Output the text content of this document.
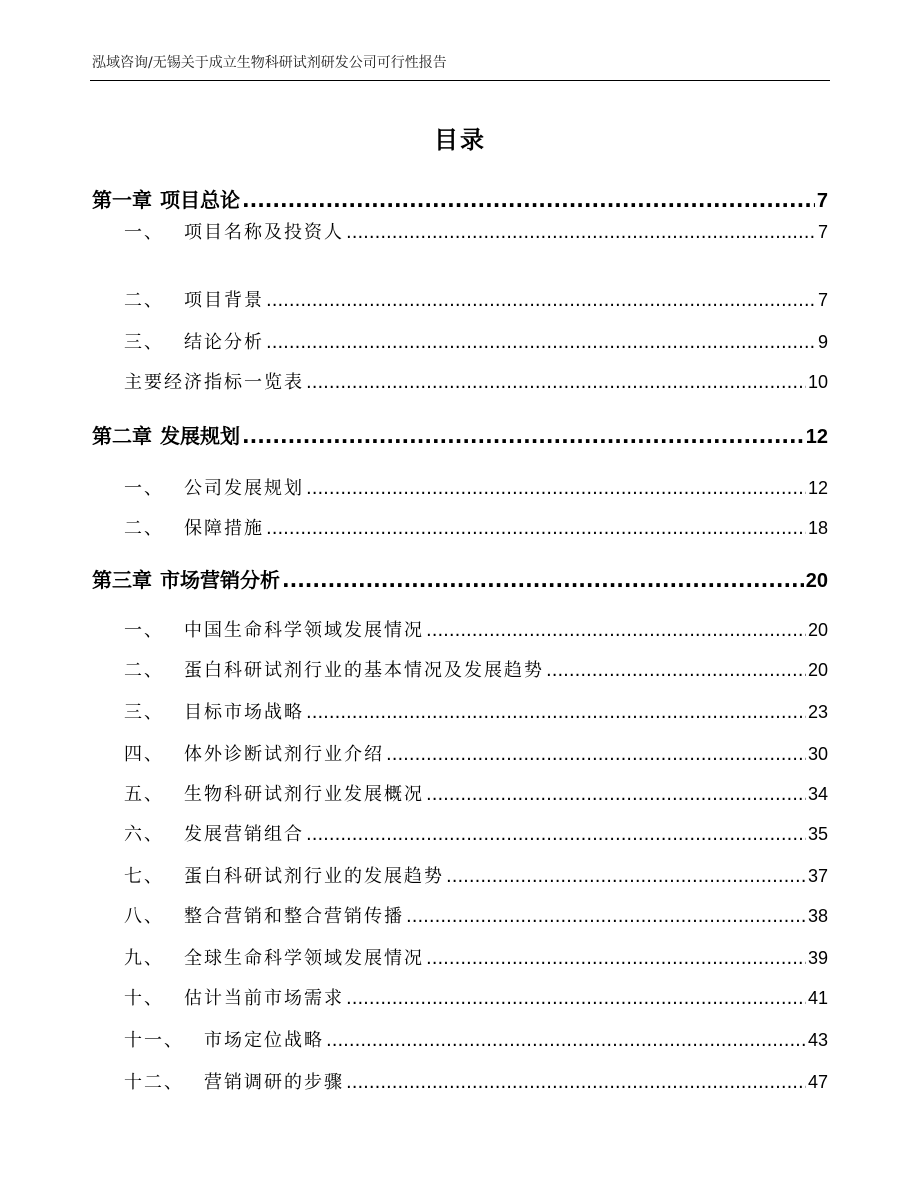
泓域咨询/无锡关于成立生物科研试剂研发公司可行性报告
目录
第一章 项目总论 .....	7
一、 项目名称及投资人 .....	7
二、 项目背景 .....	7
三、 结论分析 .....	9
主要经济指标一览表 .....	10
第二章 发展规划 .....	12
一、 公司发展规划 .....	12
二、 保障措施 .....	18
第三章 市场营销分析 .....	20
一、 中国生命科学领域发展情况 .....	20
二、 蛋白科研试剂行业的基本情况及发展趋势 .....	20
三、 目标市场战略 .....	23
四、 体外诊断试剂行业介绍 .....	30
五、 生物科研试剂行业发展概况 .....	34
六、 发展营销组合 .....	35
七、 蛋白科研试剂行业的发展趋势 .....	37
八、 整合营销和整合营销传播 .....	38
九、 全球生命科学领域发展情况 .....	39
十、 估计当前市场需求 .....	41
十一、 市场定位战略 .....	43
十二、 营销调研的步骤 .....	47
